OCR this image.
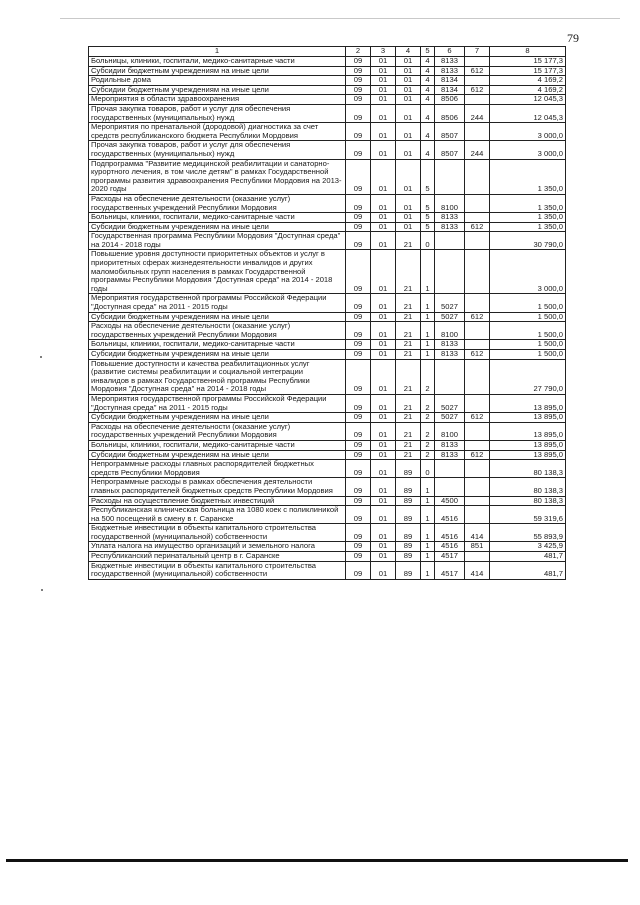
79
1	2	3	4	5	6	7	8
Больницы, клиники, госпитали, медико-санитарные части	09	01	01	4	8133		15 177,3
Субсидии бюджетным учреждениям на иные цели	09	01	01	4	8133	612	15 177,3
Родильные дома	09	01	01	4	8134		4 169,2
Субсидии бюджетным учреждениям на иные цели	09	01	01	4	8134	612	4 169,2
Мероприятия в области здравоохранения	09	01	01	4	8506		12 045,3
Прочая закупка товаров, работ и услуг для обеспечения государственных (муниципальных) нужд	09	01	01	4	8506	244	12 045,3
Мероприятия по пренатальной (дородовой) диагностика за счет средств республиканского бюджета Республики Мордовия	09	01	01	4	8507		3 000,0
Прочая закупка товаров, работ и услуг для обеспечения государственных (муниципальных) нужд	09	01	01	4	8507	244	3 000,0
Подпрограмма "Развитие медицинской реабилитации и санаторно-курортного лечения, в том числе детям" в рамках Государственной программы развития здравоохранения Республики Мордовия на 2013-2020 годы	09	01	01	5			1 350,0
Расходы на обеспечение деятельности (оказание услуг) государственных учреждений Республики Мордовия	09	01	01	5	8100		1 350,0
Больницы, клиники, госпитали, медико-санитарные части	09	01	01	5	8133		1 350,0
Субсидии бюджетным учреждениям на иные цели	09	01	01	5	8133	612	1 350,0
Государственная программа Республики Мордовия "Доступная среда" на 2014 - 2018 годы	09	01	21	0			30 790,0
Повышение уровня доступности приоритетных объектов и услуг в приоритетных сферах жизнедеятельности инвалидов и других маломобильных групп населения в рамках Государственной программы Республики Мордовия "Доступная среда" на 2014 - 2018 годы	09	01	21	1			3 000,0
Мероприятия государственной программы Российской Федерации "Доступная среда" на 2011 - 2015 годы	09	01	21	1	5027		1 500,0
Субсидии бюджетным учреждениям на иные цели	09	01	21	1	5027	612	1 500,0
Расходы на обеспечение деятельности (оказание услуг) государственных учреждений Республики Мордовия	09	01	21	1	8100		1 500,0
Больницы, клиники, госпитали, медико-санитарные части	09	01	21	1	8133		1 500,0
Субсидии бюджетным учреждениям на иные цели	09	01	21	1	8133	612	1 500,0
Повышение доступности и качества реабилитационных услуг (развитие системы реабилитации и социальной интеграции инвалидов в рамках Государственной программы Республики Мордовия "Доступная среда" на 2014 - 2018 годы	09	01	21	2			27 790,0
Мероприятия государственной программы Российской Федерации "Доступная среда" на 2011 - 2015 годы	09	01	21	2	5027		13 895,0
Субсидии бюджетным учреждениям на иные цели	09	01	21	2	5027	612	13 895,0
Расходы на обеспечение деятельности (оказание услуг) государственных учреждений Республики Мордовия	09	01	21	2	8100		13 895,0
Больницы, клиники, госпитали, медико-санитарные части	09	01	21	2	8133		13 895,0
Субсидии бюджетным учреждениям на иные цели	09	01	21	2	8133	612	13 895,0
Непрограммные расходы главных распорядителей бюджетных средств Республики Мордовия	09	01	89	0			80 138,3
Непрограммные расходы в рамках обеспечения деятельности главных распорядителей бюджетных средств Республики Мордовия	09	01	89	1			80 138,3
Расходы на осуществление бюджетных инвестиций	09	01	89	1	4500		80 138,3
Республиканская клиническая больница на 1080 коек с поликлиникой на 500 посещений в смену в г. Саранске	09	01	89	1	4516		59 319,6
Бюджетные инвестиции в объекты капитального строительства государственной (муниципальной) собственности	09	01	89	1	4516	414	55 893,9
Уплата налога на имущество организаций и земельного налога	09	01	89	1	4516	851	3 425,9
Республиканский перинатальный центр в г. Саранске	09	01	89	1	4517		481,7
Бюджетные инвестиции в объекты капитального строительства государственной (муниципальной) собственности	09	01	89	1	4517	414	481,7
